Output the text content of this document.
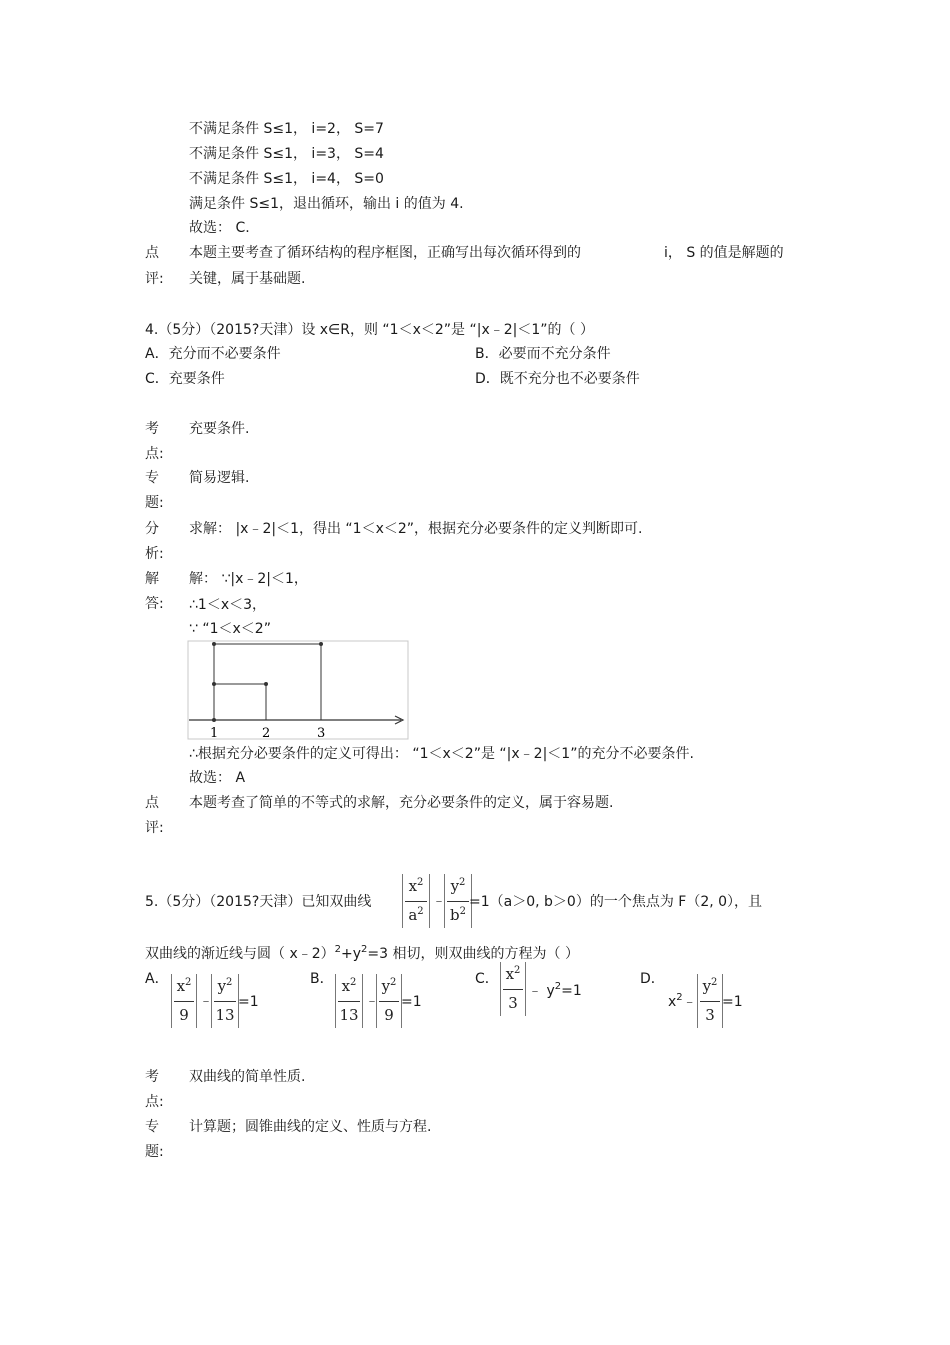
不满足条件 S≤1， i=2， S=7
不满足条件 S≤1， i=3， S=4
不满足条件 S≤1， i=4， S=0
满足条件 S≤1，退出循环，输出 i 的值为 4.
故选： C.
点
评:
本题主要考查了循环结构的程序框图，正确写出每次循环得到的	i， S 的值是解题的
关键，属于基础题.
4.（5分）（2015?天津）设 x∈R，则 “1＜x＜2”是 “|x﹣2|＜1”的（ ）
A．充分而不必要条件	B．必要而不充分条件
C．充要条件	D．既不充分也不必要条件
考
点:
充要条件.
专
题:
简易逻辑.
分
析:
求解： |x﹣2|＜1，得出 “1＜x＜2”，根据充分必要条件的定义判断即可.
解
答:
解： ∵|x﹣2|＜1，
∴1＜x＜3，
∵ “1＜x＜2”
1	2	3
∴根据充分必要条件的定义可得出： “1＜x＜2”是 “|x﹣2|＜1”的充分不必要条件.
故选： A
点
评:
本题考查了简单的不等式的求解，充分必要条件的定义，属于容易题.
5.（5分）（2015?天津）已知双曲线
$x^2$
$a^2$
﹣
$y^2$
$b^2$
=1（a＞0, b＞0）的一个焦点为 F（2, 0），且
双曲线的渐近线与圆（ $x﹣2)^2+y^2=3$ 相切，则双曲线的方程为（ ）
A． $x^2$
9
﹣
$y^2$
13
=1
B． $x^2$
13
﹣
$y^2$
9
=1
C． $x^2$
3
﹣ $y^2=1$
D．
$x^2﹣$
$y^2$
3
=1
考
点:
双曲线的简单性质.
专
题:
计算题；圆锥曲线的定义、性质与方程.
